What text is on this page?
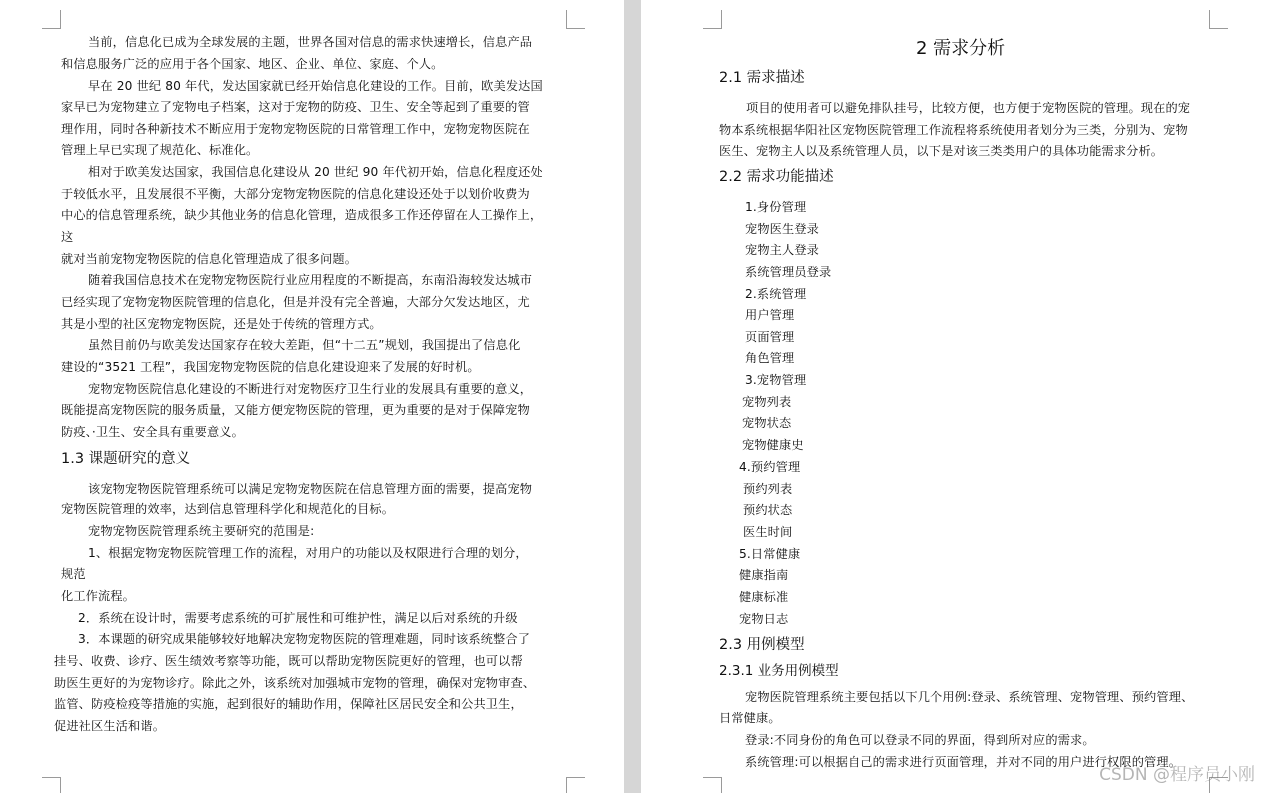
当前，信息化已成为全球发展的主题，世界各国对信息的需求快速增长，信息产品
和信息服务广泛的应用于各个国家、地区、企业、单位、家庭、个人。
早在 20 世纪 80 年代，发达国家就已经开始信息化建设的工作。目前，欧美发达国
家早已为宠物建立了宠物电子档案，这对于宠物的防疫、卫生、安全等起到了重要的管
理作用，同时各种新技术不断应用于宠物宠物医院的日常管理工作中，宠物宠物医院在
管理上早已实现了规范化、标准化。
相对于欧美发达国家，我国信息化建设从 20 世纪 90 年代初开始，信息化程度还处
于较低水平，且发展很不平衡，大部分宠物宠物医院的信息化建设还处于以划价收费为
中心的信息管理系统，缺少其他业务的信息化管理，造成很多工作还停留在人工操作上，
这
就对当前宠物宠物医院的信息化管理造成了很多问题。
随着我国信息技术在宠物宠物医院行业应用程度的不断提高，东南沿海较发达城市
已经实现了宠物宠物医院管理的信息化，但是并没有完全普遍，大部分欠发达地区，尤
其是小型的社区宠物宠物医院，还是处于传统的管理方式。
虽然目前仍与欧美发达国家存在较大差距，但“十二五”规划，我国提出了信息化
建设的“3521 工程”，我国宠物宠物医院的信息化建设迎来了发展的好时机。
宠物宠物医院信息化建设的不断进行对宠物医疗卫生行业的发展具有重要的意义，
既能提高宠物医院的服务质量，又能方便宠物医院的管理，更为重要的是对于保障宠物
防疫、·卫生、安全具有重要意义。
1.3 课题研究的意义
该宠物宠物医院管理系统可以满足宠物宠物医院在信息管理方面的需要，提高宠物
宠物医院管理的效率，达到信息管理科学化和规范化的目标。
宠物宠物医院管理系统主要研究的范围是:
1、根据宠物宠物医院管理工作的流程，对用户的功能以及权限进行合理的划分，
规范
化工作流程。
2．系统在设计时，需要考虑系统的可扩展性和可维护性，满足以后对系统的升级
3．本课题的研究成果能够较好地解决宠物宠物医院的管理难题，同时该系统整合了
挂号、收费、诊疗、医生绩效考察等功能，既可以帮助宠物医院更好的管理，也可以帮
助医生更好的为宠物诊疗。除此之外，该系统对加强城市宠物的管理，确保对宠物审查、
监管、防疫检疫等措施的实施，起到很好的辅助作用，保障社区居民安全和公共卫生，
促进社区生活和谐。
2 需求分析
2.1 需求描述
项目的使用者可以避免排队挂号，比较方便，也方便于宠物医院的管理。现在的宠
物本系统根据华阳社区宠物医院管理工作流程将系统使用者划分为三类，分别为、宠物
医生、宠物主人以及系统管理人员，以下是对该三类类用户的具体功能需求分析。
2.2 需求功能描述
1.身份管理
宠物医生登录
宠物主人登录
系统管理员登录
2.系统管理
用户管理
页面管理
角色管理
3.宠物管理
宠物列表
宠物状态
宠物健康史
4.预约管理
预约列表
预约状态
医生时间
5.日常健康
健康指南
健康标准
宠物日志
2.3 用例模型
2.3.1 业务用例模型
宠物医院管理系统主要包括以下几个用例:登录、系统管理、宠物管理、预约管理、
日常健康。
登录:不同身份的角色可以登录不同的界面，得到所对应的需求。
系统管理:可以根据自己的需求进行页面管理，并对不同的用户进行权限的管理。
CSDN @程序员小刚
